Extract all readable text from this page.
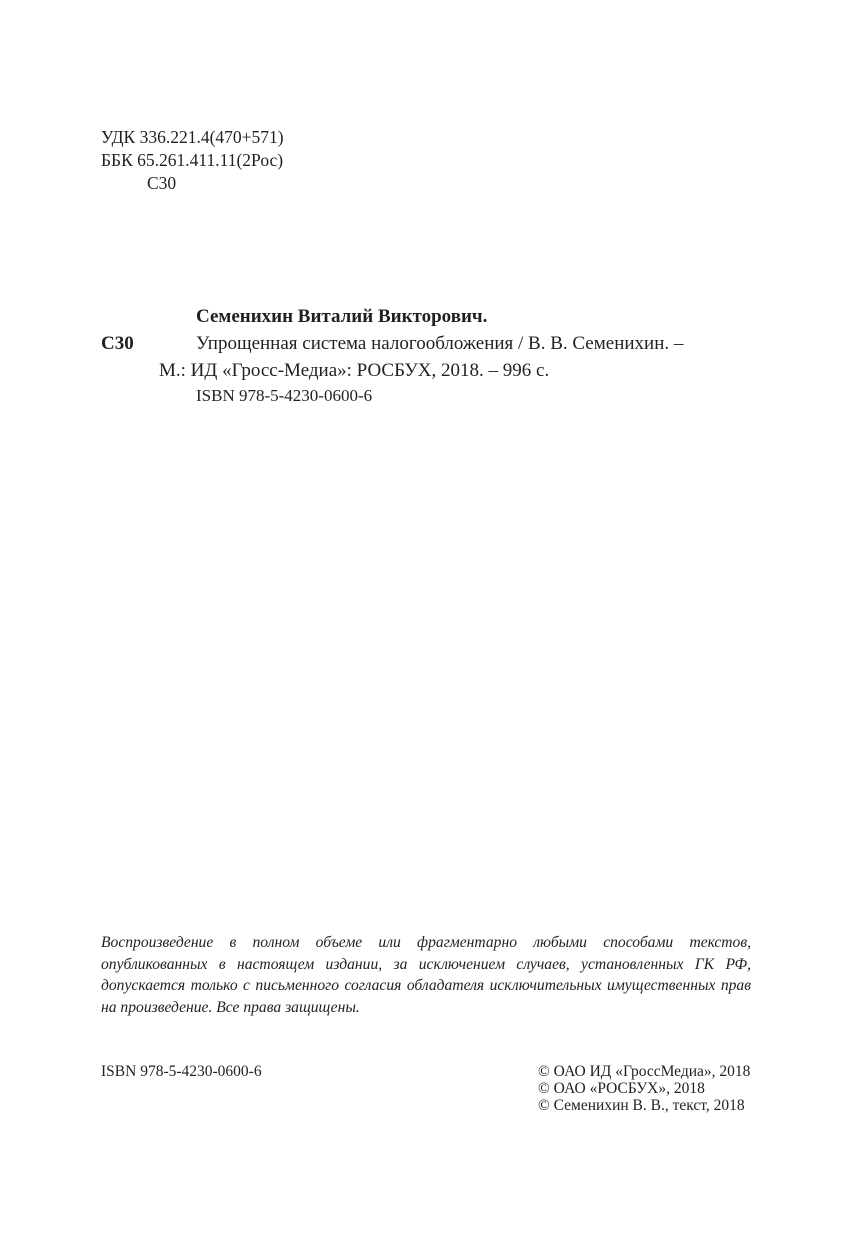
УДК 336.221.4(470+571)
ББК 65.261.411.11(2Рос)
С30
Семенихин Виталий Викторович.
С30	Упрощенная система налогообложения / В. В. Семенихин. –
М.: ИД «Гросс-Медиа»: РОСБУХ, 2018. – 996 с.
ISBN 978-5-4230-0600-6
Воспроизведение в полном объеме или фрагментарно любыми способами текстов, опубликованных в настоящем издании, за исключением случаев, установленных ГК РФ, допускается только с письменного согласия обладателя исключительных имущественных прав на произведение. Все права защищены.
ISBN 978-5-4230-0600-6	© ОАО ИД «ГроссМедиа», 2018
© ОАО «РОСБУХ», 2018
© Семенихин В. В., текст, 2018
